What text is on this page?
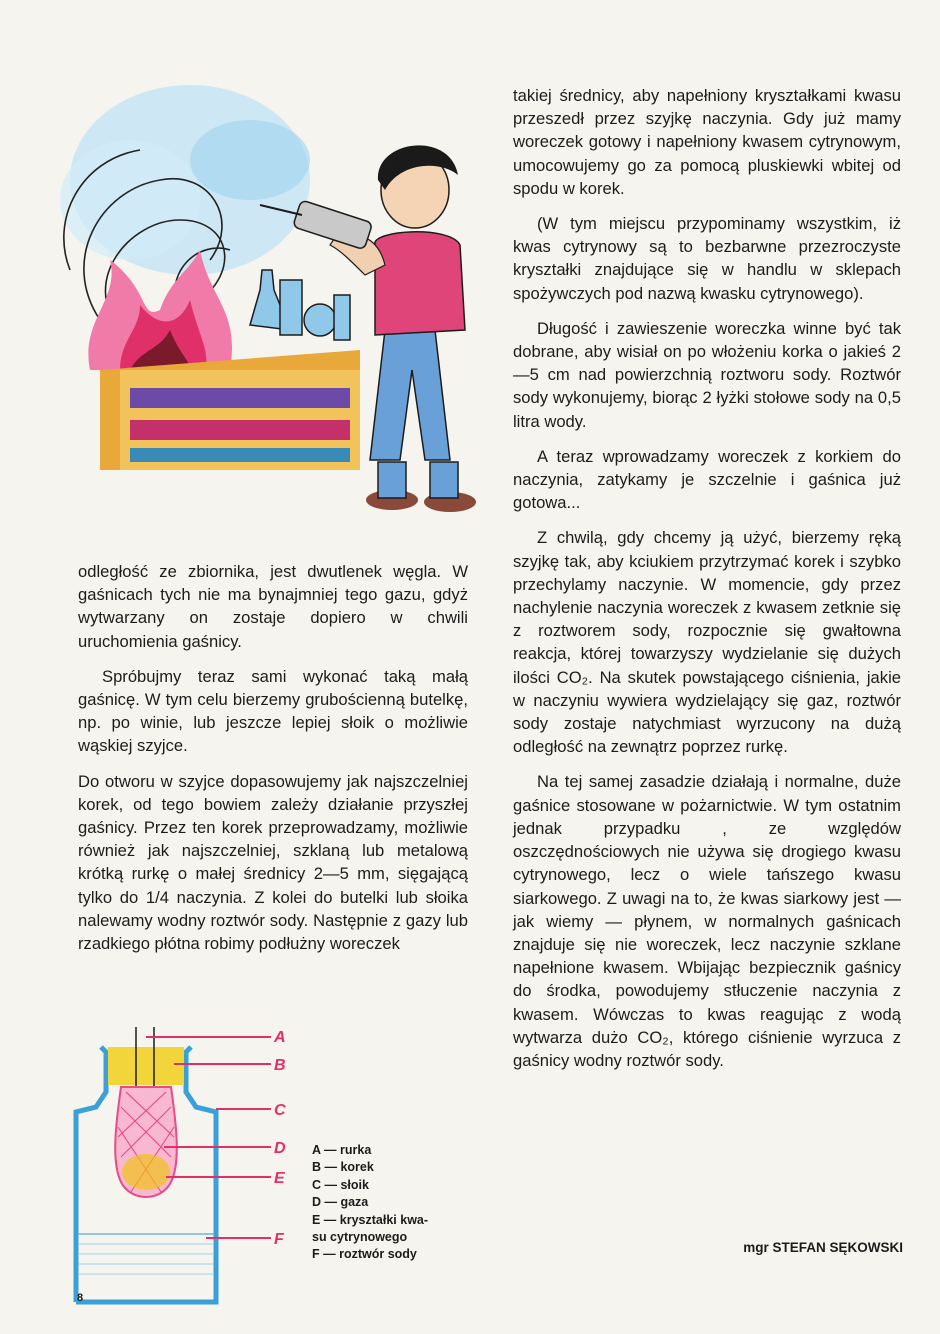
odległość ze zbiornika, jest dwutlenek węgla. W gaśnicach tych nie ma bynajmniej tego gazu, gdyż wytwarzany on zostaje dopiero w chwili uruchomienia gaśnicy.

Spróbujmy teraz sami wykonać taką małą gaśnicę. W tym celu bierzemy grubościenną butelkę, np. po winie, lub jeszcze lepiej słoik o możliwie wąskiej szyjce.

Do otworu w szyjce dopasowujemy jak najszczelniej korek, od tego bowiem zależy działanie przyszłej gaśnicy. Przez ten korek przeprowadzamy, możliwie również jak najszczelniej, szklaną lub metalową krótką rurkę o małej średnicy 2—5 mm, sięgającą tylko do 1/4 naczynia. Z kolei do butelki lub słoika nalewamy wodny roztwór sody. Następnie z gazy lub rzadkiego płótna robimy podłużny woreczek

takiej średnicy, aby napełniony kryształkami kwasu przeszedł przez szyjkę naczynia. Gdy już mamy woreczek gotowy i napełniony kwasem cytrynowym, umocowujemy go za pomocą pluskiewki wbitej od spodu w korek.

(W tym miejscu przypominamy wszystkim, iż kwas cytrynowy są to bezbarwne przezroczyste kryształki znajdujące się w handlu w sklepach spożywczych pod nazwą kwasku cytrynowego).

Długość i zawieszenie woreczka winne być tak dobrane, aby wisiał on po włożeniu korka o jakieś 2—5 cm nad powierzchnią roztworu sody. Roztwór sody wykonujemy, biorąc 2 łyżki stołowe sody na 0,5 litra wody.

A teraz wprowadzamy woreczek z korkiem do naczynia, zatykamy je szczelnie i gaśnica już gotowa...

Z chwilą, gdy chcemy ją użyć, bierzemy ręką szyjkę tak, aby kciukiem przytrzymać korek i szybko przechylamy naczynie. W momencie, gdy przez nachylenie naczynia woreczek z kwasem zetknie się z roztworem sody, rozpocznie się gwałtowna reakcja, której towarzyszy wydzielanie się dużych ilości CO₂. Na skutek powstającego ciśnienia, jakie w naczyniu wywiera wydzielający się gaz, roztwór sody zostaje natychmiast wyrzucony na dużą odległość na zewnątrz poprzez rurkę.

Na tej samej zasadzie działają i normalne, duże gaśnice stosowane w pożarnictwie. W tym ostatnim jednak przypadku , ze względów oszczędnościowych nie używa się drogiego kwasu cytrynowego, lecz o wiele tańszego kwasu siarkowego. Z uwagi na to, że kwas siarkowy jest — jak wiemy — płynem, w normalnych gaśnicach znajduje się nie woreczek, lecz naczynie szklane napełnione kwasem. Wbijając bezpiecznik gaśnicy do środka, powodujemy stłuczenie naczynia z kwasem. Wówczas to kwas reagując z wodą wytwarza dużo CO₂, którego ciśnienie wyrzuca z gaśnicy wodny roztwór sody.

A
B
C
D
E
F
A — rurka
B — korek
C — słoik
D — gaza
E — kryształki kwa-
su cytrynowego
F — roztwór sody	mgr STEFAN SĘKOWSKI
8
